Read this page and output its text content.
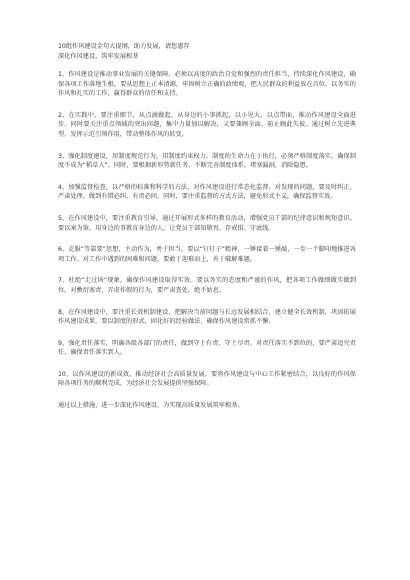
10组作风建设金句大提纲，助力发展，请您惠存
深化作风建设，筑牢发展根基

1、作风建设是推动事业发展的关键保障。必须以高度的政治自觉和强烈的责任担当，持续深化作风建设，确保各项工作落地生根。要从思想上正本清源，牢固树立正确的政绩观，把人民群众的利益放在首位，以务实的作风和扎实的工作，赢得群众的信任和支持。

2、在实践中，要注重细节，从点滴做起，从身边的小事抓起，以小见大，以点带面，推动作风建设全面进步。同时要关注重点领域的突出问题，集中力量加以解决，又要兼顾全面，防止顾此失彼。通过树立先进典型，发挥示范引领作用，带动整体作风的转变。

3、强化制度建设，用制度规范行为，用制度约束权力。制度的生命力在于执行，必须严格制度落实，确保制度不成为“稻草人”。同时，要根据新形势新任务，不断完善制度体系，堵塞漏洞，消除隐患。

4、加强监督检查，以严格的标准和科学的方法，对作风建设进行常态化监督。对发现的问题，要及时纠正，严肃处理，做到有错必纠，有责必问。同时，要注重监督的方式方法，避免形式主义，确保监督实效。

5、在作风建设中，要注重教育引导，通过开展形式多样的教育活动，增强党员干部的纪律意识和规矩意识。要以案为鉴，用身边的事教育身边的人，让党员干部知敬畏、存戒惧、守底线。

6、克服“等靠要”思想，主动作为，勇于担当。要以“钉钉子”精神，一锤接着一锤敲，一步一个脚印地推进各项工作。对工作中遇到的困难和问题，要敢于迎难而上，善于破解难题。

7、杜绝“走过场”现象，确保作风建设取得实效。要以务实的态度和严谨的作风，把各项工作做细做实做到位。对敷衍塞责、弄虚作假的行为，要严肃查处，绝不姑息。

8、在作风建设中，要注重长效机制建设，把解决当前问题与长远发展相结合，建立健全长效机制，巩固拓展作风建设成果。要以制度的形式，固化好的经验做法，确保作风建设常抓不懈。

9、强化责任落实，明确各级各部门的责任，做到守土有责、守土尽责。对责任落实不到位的，要严肃追究责任，确保责任落实到人。

10、以作风建设的新成效，推动经济社会高质量发展。要将作风建设与中心工作紧密结合，以良好的作风保障各项任务的顺利完成，为经济社会发展提供坚强保障。

通过以上措施，进一步深化作风建设，为实现高质量发展筑牢根基。
